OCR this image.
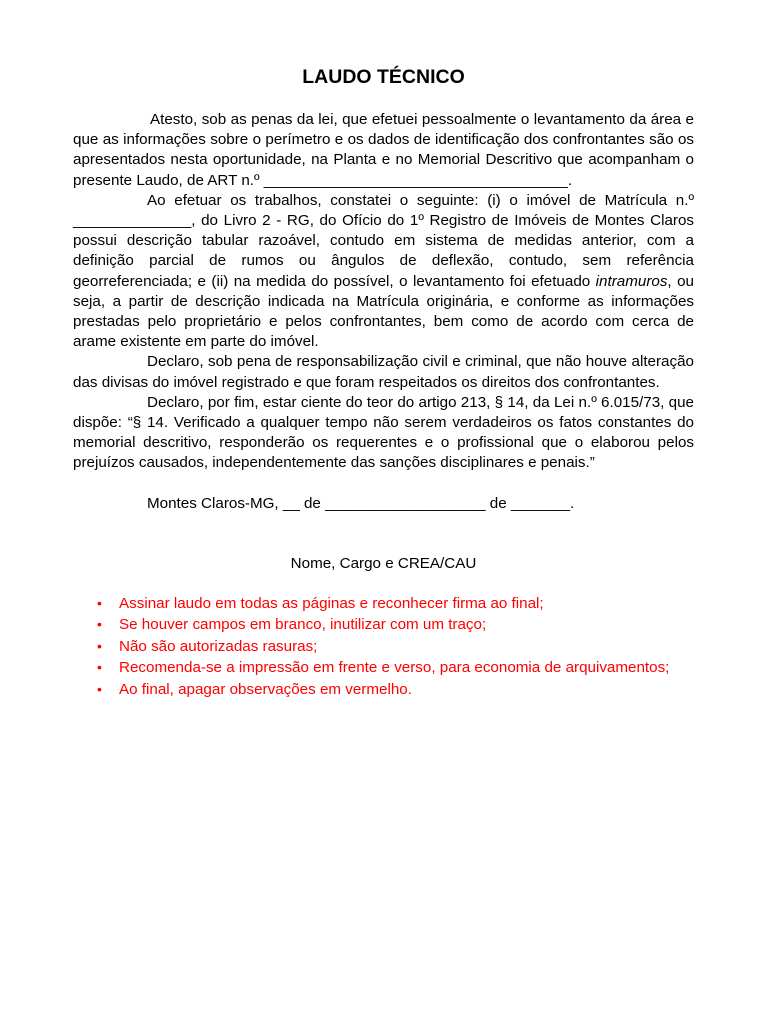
LAUDO TÉCNICO

Atesto, sob as penas da lei, que efetuei pessoalmente o levantamento da área e que as informações sobre o perímetro e os dados de identificação dos confrontantes são os apresentados nesta oportunidade, na Planta e no Memorial Descritivo que acompanham o presente Laudo, de ART n.º ____________________________________.

Ao efetuar os trabalhos, constatei o seguinte: (i) o imóvel de Matrícula n.º ______________, do Livro 2 - RG, do Ofício do 1º Registro de Imóveis de Montes Claros possui descrição tabular razoável, contudo em sistema de medidas anterior, com a definição parcial de rumos ou ângulos de deflexão, contudo, sem referência georreferenciada; e (ii) na medida do possível, o levantamento foi efetuado intramuros, ou seja, a partir de descrição indicada na Matrícula originária, e conforme as informações prestadas pelo proprietário e pelos confrontantes, bem como de acordo com cerca de arame existente em parte do imóvel.

Declaro, sob pena de responsabilização civil e criminal, que não houve alteração das divisas do imóvel registrado e que foram respeitados os direitos dos confrontantes.

Declaro, por fim, estar ciente do teor do artigo 213, § 14, da Lei n.º 6.015/73, que dispõe: “§ 14. Verificado a qualquer tempo não serem verdadeiros os fatos constantes do memorial descritivo, responderão os requerentes e o profissional que o elaborou pelos prejuízos causados, independentemente das sanções disciplinares e penais.”

Montes Claros-MG, __ de ___________________ de _______.

Nome, Cargo e CREA/CAU

• Assinar laudo em todas as páginas e reconhecer firma ao final;
• Se houver campos em branco, inutilizar com um traço;
• Não são autorizadas rasuras;
• Recomenda-se a impressão em frente e verso, para economia de arquivamentos;
• Ao final, apagar observações em vermelho.
